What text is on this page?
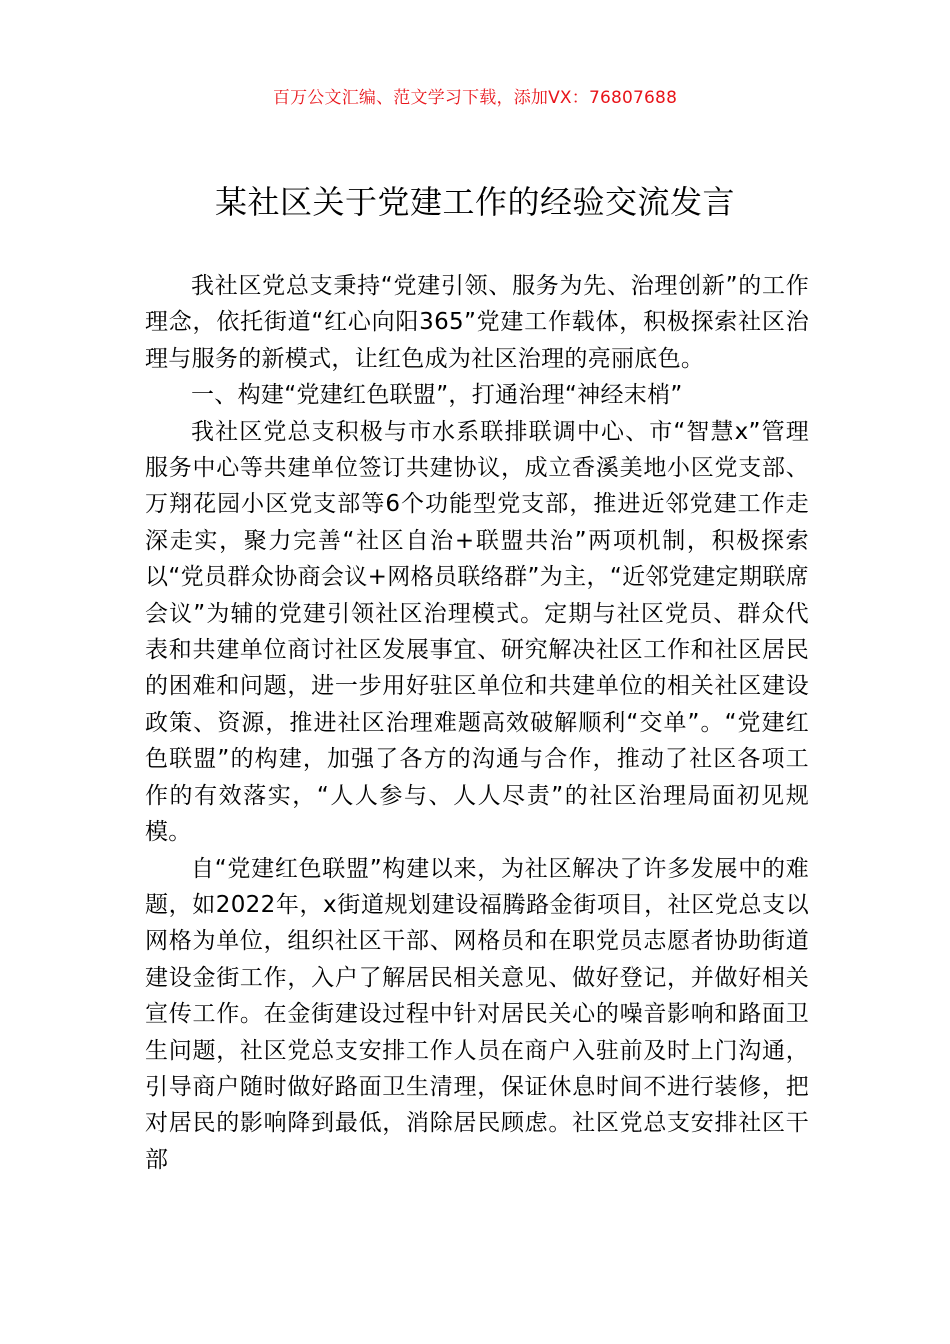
百万公文汇编、范文学习下载，添加VX：76807688
某社区关于党建工作的经验交流发言

我社区党总支秉持“党建引领、服务为先、治理创新”的工作理念，依托街道“红心向阳365”党建工作载体，积极探索社区治理与服务的新模式，让红色成为社区治理的亮丽底色。

一、构建“党建红色联盟”，打通治理“神经末梢”

我社区党总支积极与市水系联排联调中心、市“智慧x”管理服务中心等共建单位签订共建协议，成立香溪美地小区党支部、万翔花园小区党支部等6个功能型党支部，推进近邻党建工作走深走实，聚力完善“社区自治+联盟共治”两项机制，积极探索以“党员群众协商会议+网格员联络群”为主，“近邻党建定期联席会议”为辅的党建引领社区治理模式。定期与社区党员、群众代表和共建单位商讨社区发展事宜、研究解决社区工作和社区居民的困难和问题，进一步用好驻区单位和共建单位的相关社区建设政策、资源，推进社区治理难题高效破解顺利“交单”。“党建红色联盟”的构建，加强了各方的沟通与合作，推动了社区各项工作的有效落实，“人人参与、人人尽责”的社区治理局面初见规模。

自“党建红色联盟”构建以来，为社区解决了许多发展中的难题，如2022年，x街道规划建设福腾路金街项目，社区党总支以网格为单位，组织社区干部、网格员和在职党员志愿者协助街道建设金街工作，入户了解居民相关意见、做好登记，并做好相关宣传工作。在金街建设过程中针对居民关心的噪音影响和路面卫生问题，社区党总支安排工作人员在商户入驻前及时上门沟通，引导商户随时做好路面卫生清理，保证休息时间不进行装修，把对居民的影响降到最低，消除居民顾虑。社区党总支安排社区干部
